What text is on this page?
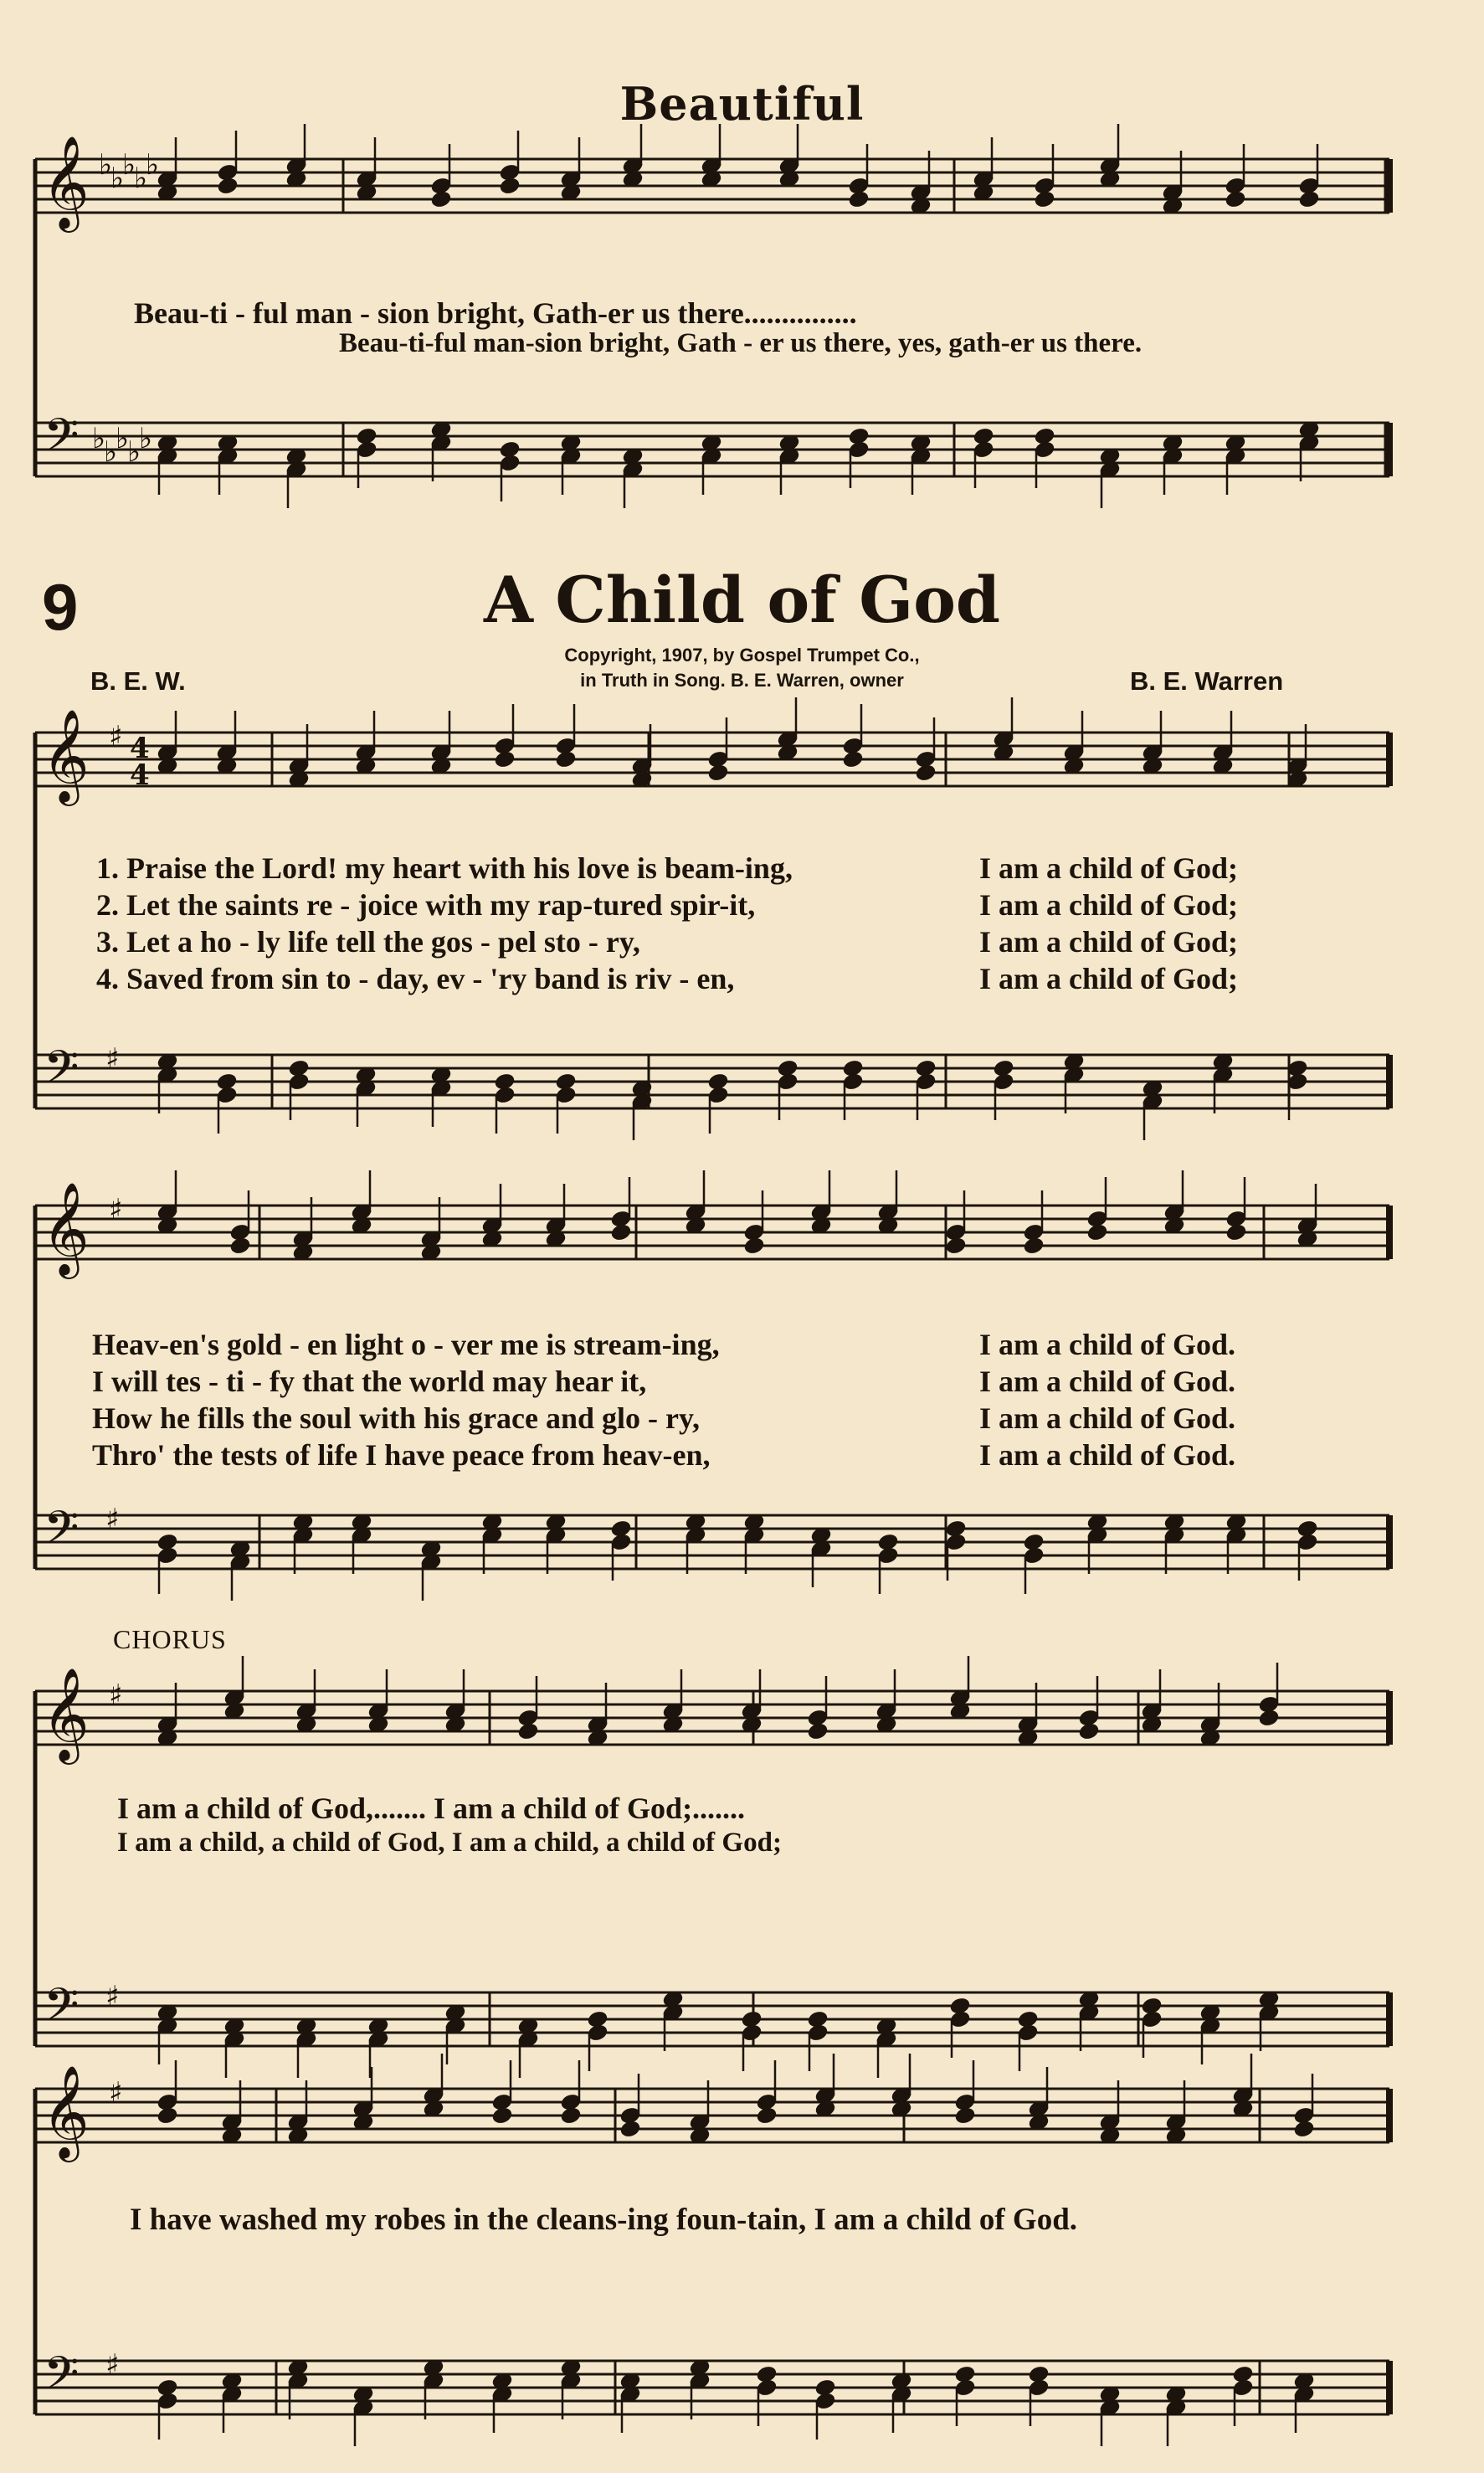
𝄞
𝄢
♭
♭
♭
♭
♭
♭
♭
♭
♭
♭
𝄞
𝄢
♯
♯
4
4
𝄞
𝄢
♯
♯
𝄞
𝄢
♯
♯
𝄞
𝄢
♯
♯
Beautiful
Beau-ti - ful man - sion bright, Gath-er us there...............
Beau-ti-ful man-sion bright, Gath - er us there, yes, gath-er us there.
9	A Child of God
Copyright, 1907, by Gospel Trumpet Co.,
in Truth in Song. B. E. Warren, owner
B. E. W.	B. E. Warren
1. Praise the Lord! my heart with his love is beam-ing,
2. Let the saints re - joice with my rap-tured spir-it,
3. Let a ho - ly life tell the gos - pel sto - ry,
4. Saved from sin to - day, ev - 'ry band is riv - en,
I am a child of God;
I am a child of God;
I am a child of God;
I am a child of God;
Heav-en's gold - en light o - ver me is stream-ing,
I will tes - ti - fy that the world may hear it,
How he fills the soul with his grace and glo - ry,
Thro' the tests of life I have peace from heav-en,
I am a child of God.
I am a child of God.
I am a child of God.
I am a child of God.
CHORUS
I am a child of God,....... I am a child of God;.......
I am a child, a child of God, I am a child, a child of God;
I have washed my robes in the cleans-ing foun-tain, I am a child of God.
